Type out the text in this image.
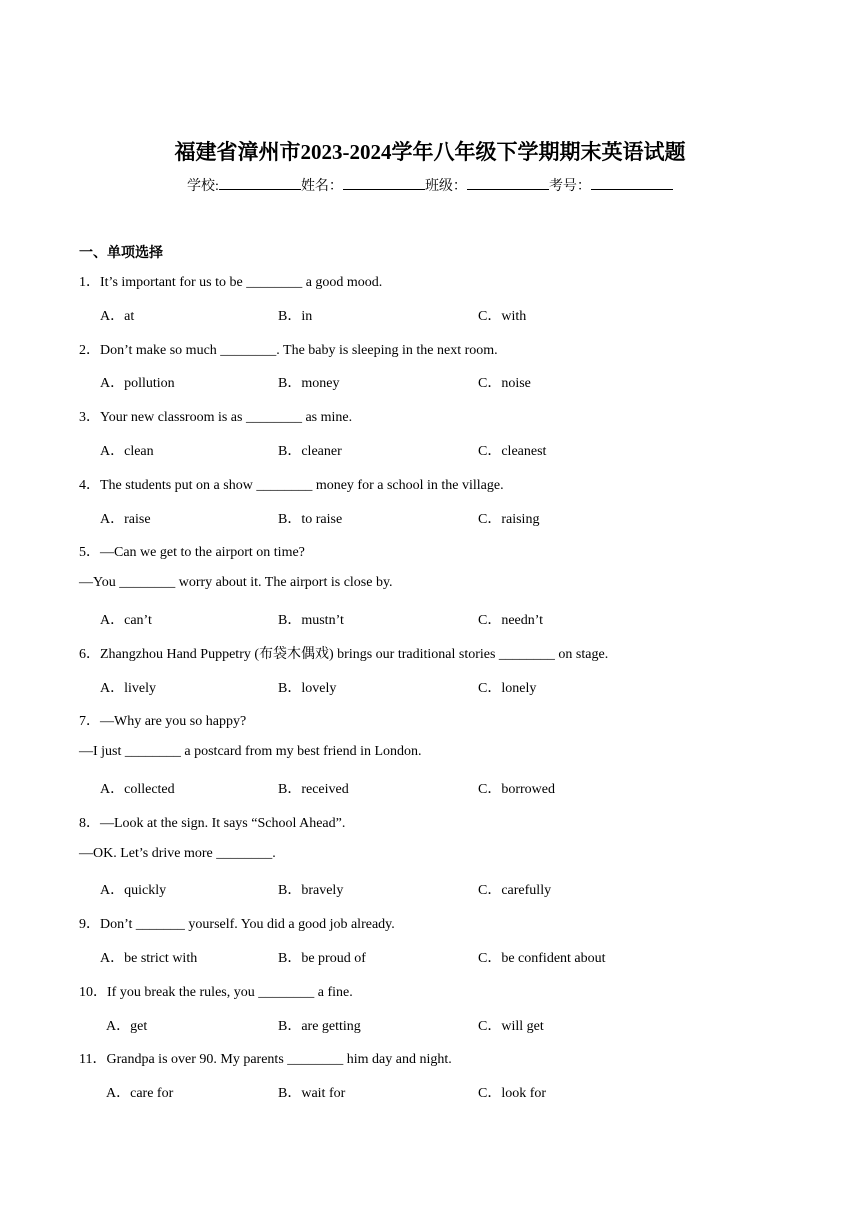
福建省漳州市2023-2024学年八年级下学期期末英语试题
学校:	姓名：	班级：	考号：
一、单项选择
1．It’s important for us to be ________ a good mood.
A．at	B．in	C．with
2．Don’t make so much ________. The baby is sleeping in the next room.
A．pollution	B．money	C．noise
3．Your new classroom is as ________ as mine.
A．clean	B．cleaner	C．cleanest
4．The students put on a show ________ money for a school in the village.
A．raise	B．to raise	C．raising
5．—Can we get to the airport on time?
—You ________ worry about it. The airport is close by.
A．can’t	B．mustn’t	C．needn’t
6．Zhangzhou Hand Puppetry (布袋木偶戏) brings our traditional stories ________ on stage.
A．lively	B．lovely	C．lonely
7．—Why are you so happy?
—I just ________ a postcard from my best friend in London.
A．collected	B．received	C．borrowed
8．—Look at the sign. It says “School Ahead”.
—OK. Let’s drive more ________.
A．quickly	B．bravely	C．carefully
9．Don’t _______ yourself. You did a good job already.
A．be strict with	B．be proud of	C．be confident about
10．If you break the rules, you ________ a fine.
A．get	B．are getting	C．will get
11．Grandpa is over 90. My parents ________ him day and night.
A．care for	B．wait for	C．look for
